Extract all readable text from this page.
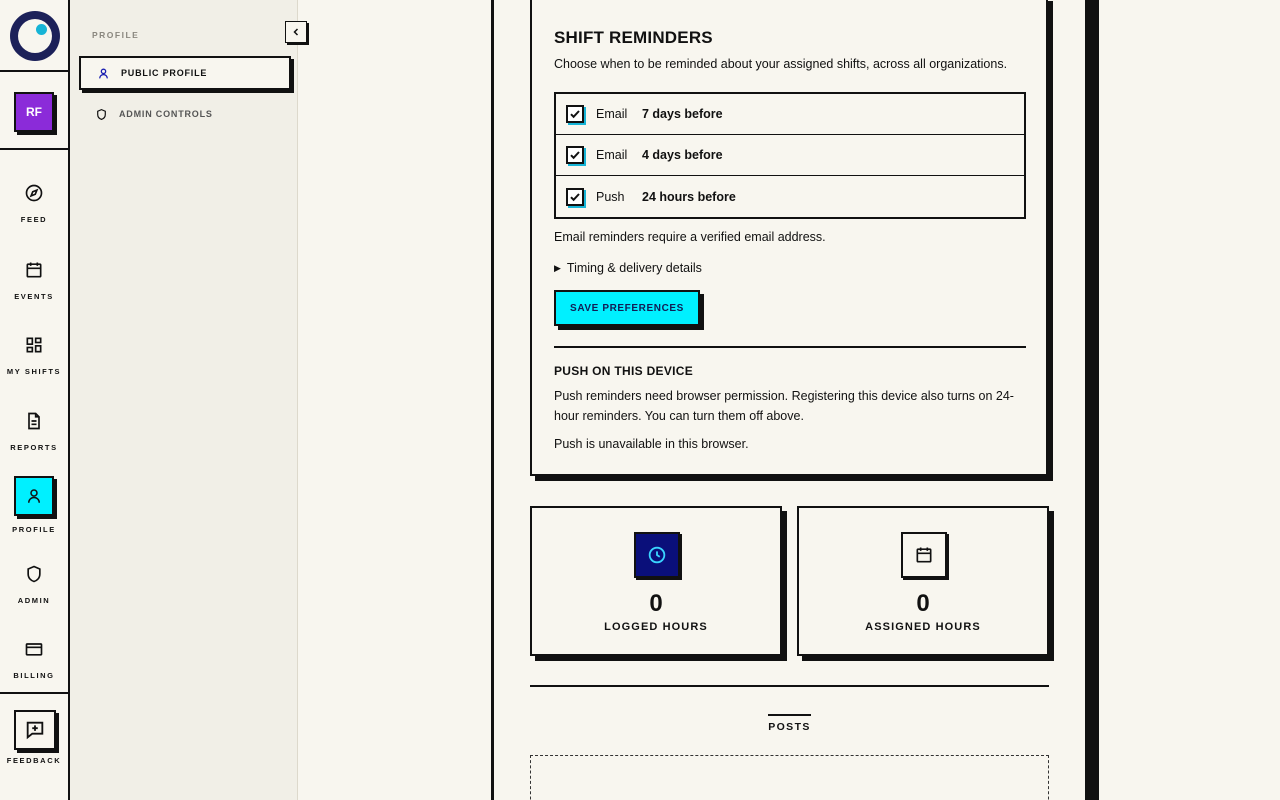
RF
FEED
EVENTS
MY SHIFTS
REPORTS
PROFILE
ADMIN
BILLING
FEEDBACK
PROFILE
PUBLIC PROFILE
ADMIN CONTROLS
SHIFT REMINDERS

Choose when to be reminded about your assigned shifts, across all organizations.

Email	7 days before
Email	4 days before
Push	24 hours before

Email reminders require a verified email address.

▶ Timing & delivery details
SAVE PREFERENCES
PUSH ON THIS DEVICE

Push reminders need browser permission. Registering this device also turns on 24-hour reminders. You can turn them off above.

Push is unavailable in this browser.

0
LOGGED HOURS
0
ASSIGNED HOURS
POSTS
